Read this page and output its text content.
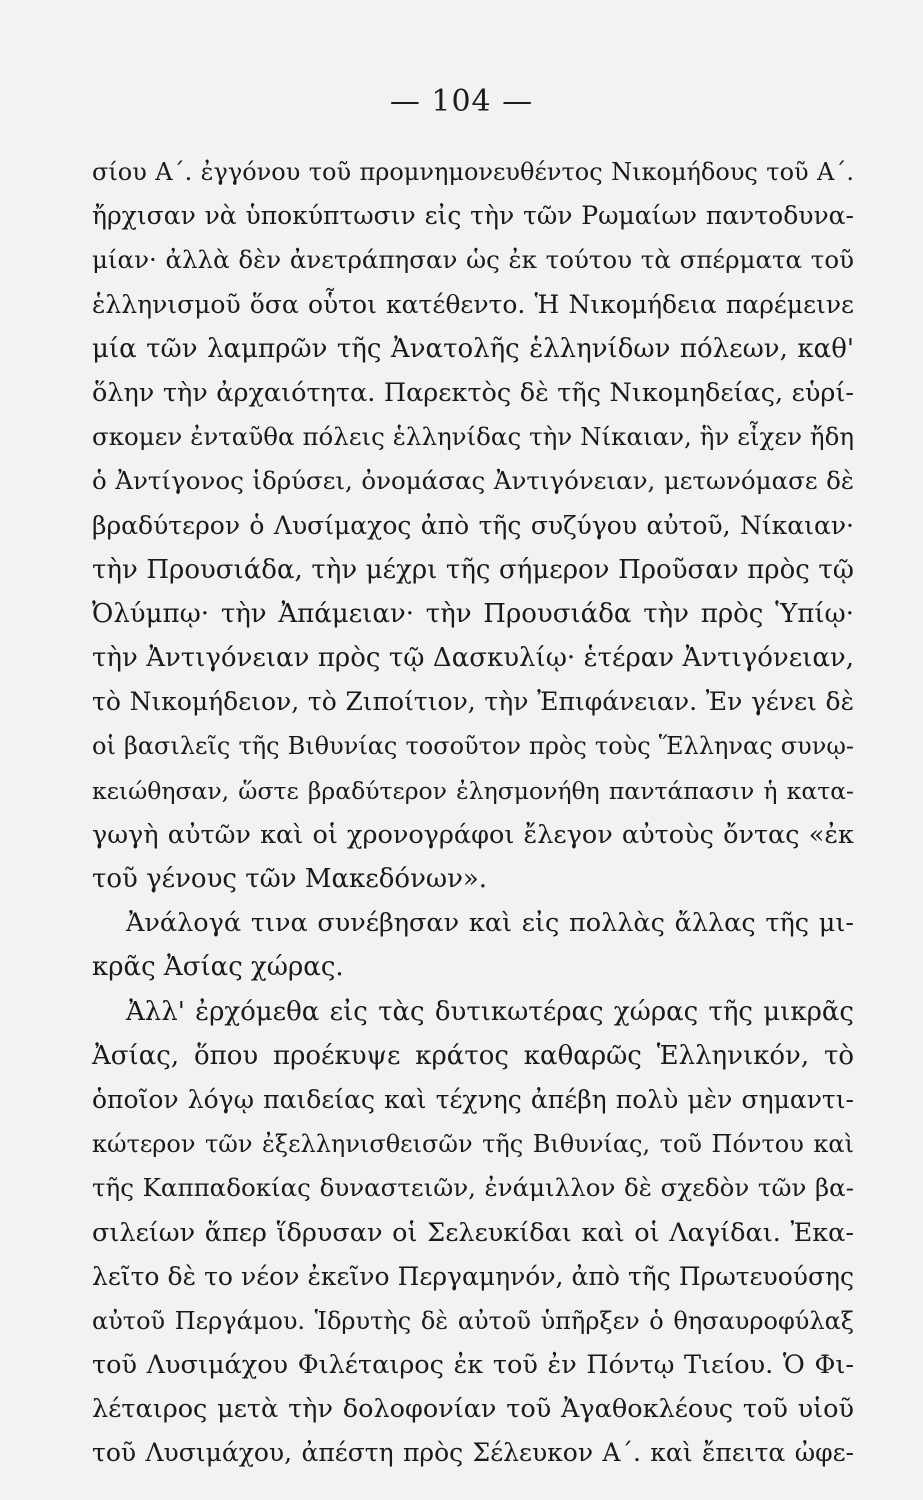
— 104 —
σίου Α΄. ἐγγόνου τοῦ προμνημονευθέντος Νικομήδους τοῦ Α΄.
ἤρχισαν νὰ ὑποκύπτωσιν εἰς τὴν τῶν Ρωμαίων παντοδυνα-
μίαν· ἀλλὰ δὲν ἀνετράπησαν ὡς ἐκ τούτου τὰ σπέρματα τοῦ
ἑλληνισμοῦ ὅσα οὗτοι κατέθεντο. Ἡ Νικομήδεια παρέμεινε
μία τῶν λαμπρῶν τῆς Ἀνατολῆς ἑλληνίδων πόλεων, καθ'
ὅλην τὴν ἀρχαιότητα. Παρεκτὸς δὲ τῆς Νικομηδείας, εὑρί-
σκομεν ἐνταῦθα πόλεις ἑλληνίδας τὴν Νίκαιαν, ἣν εἶχεν ἤδη
ὁ Ἀντίγονος ἱδρύσει, ὀνομάσας Ἀντιγόνειαν, μετωνόμασε δὲ
βραδύτερον ὁ Λυσίμαχος ἀπὸ τῆς συζύγου αὐτοῦ, Νίκαιαν·
τὴν Προυσιάδα, τὴν μέχρι τῆς σήμερον Προῦσαν πρὸς τῷ
Ὀλύμπῳ· τὴν Ἀπάμειαν· τὴν Προυσιάδα τὴν πρὸς Ὑπίῳ·
τὴν Ἀντιγόνειαν πρὸς τῷ Δασκυλίῳ· ἑτέραν Ἀντιγόνειαν,
τὸ Νικομήδειον, τὸ Ζιποίτιον, τὴν Ἐπιφάνειαν. Ἐν γένει δὲ
οἱ βασιλεῖς τῆς Βιθυνίας τοσοῦτον πρὸς τοὺς Ἕλληνας συνῳ-
κειώθησαν, ὥστε βραδύτερον ἐλησμονήθη παντάπασιν ἡ κατα-
γωγὴ αὐτῶν καὶ οἱ χρονογράφοι ἔλεγον αὐτοὺς ὄντας «ἐκ
τοῦ γένους τῶν Μακεδόνων».
Ἀνάλογά τινα συνέβησαν καὶ εἰς πολλὰς ἄλλας τῆς μι-
κρᾶς Ἀσίας χώρας.
Ἀλλ' ἐρχόμεθα εἰς τὰς δυτικωτέρας χώρας τῆς μικρᾶς
Ἀσίας, ὅπου προέκυψε κράτος καθαρῶς Ἑλληνικόν, τὸ
ὁποῖον λόγῳ παιδείας καὶ τέχνης ἀπέβη πολὺ μὲν σημαντι-
κώτερον τῶν ἐξελληνισθεισῶν τῆς Βιθυνίας, τοῦ Πόντου καὶ
τῆς Καππαδοκίας δυναστειῶν, ἐνάμιλλον δὲ σχεδὸν τῶν βα-
σιλείων ἅπερ ἵδρυσαν οἱ Σελευκίδαι καὶ οἱ Λαγίδαι. Ἐκα-
λεῖτο δὲ το νέον ἐκεῖνο Περγαμηνόν, ἀπὸ τῆς Πρωτευούσης
αὐτοῦ Περγάμου. Ἱδρυτὴς δὲ αὐτοῦ ὑπῆρξεν ὁ θησαυροφύλαξ
τοῦ Λυσιμάχου Φιλέταιρος ἐκ τοῦ ἐν Πόντῳ Τιείου. Ὁ Φι-
λέταιρος μετὰ τὴν δολοφονίαν τοῦ Ἀγαθοκλέους τοῦ υἱοῦ
τοῦ Λυσιμάχου, ἀπέστη πρὸς Σέλευκον Α΄. καὶ ἔπειτα ὠφε-
